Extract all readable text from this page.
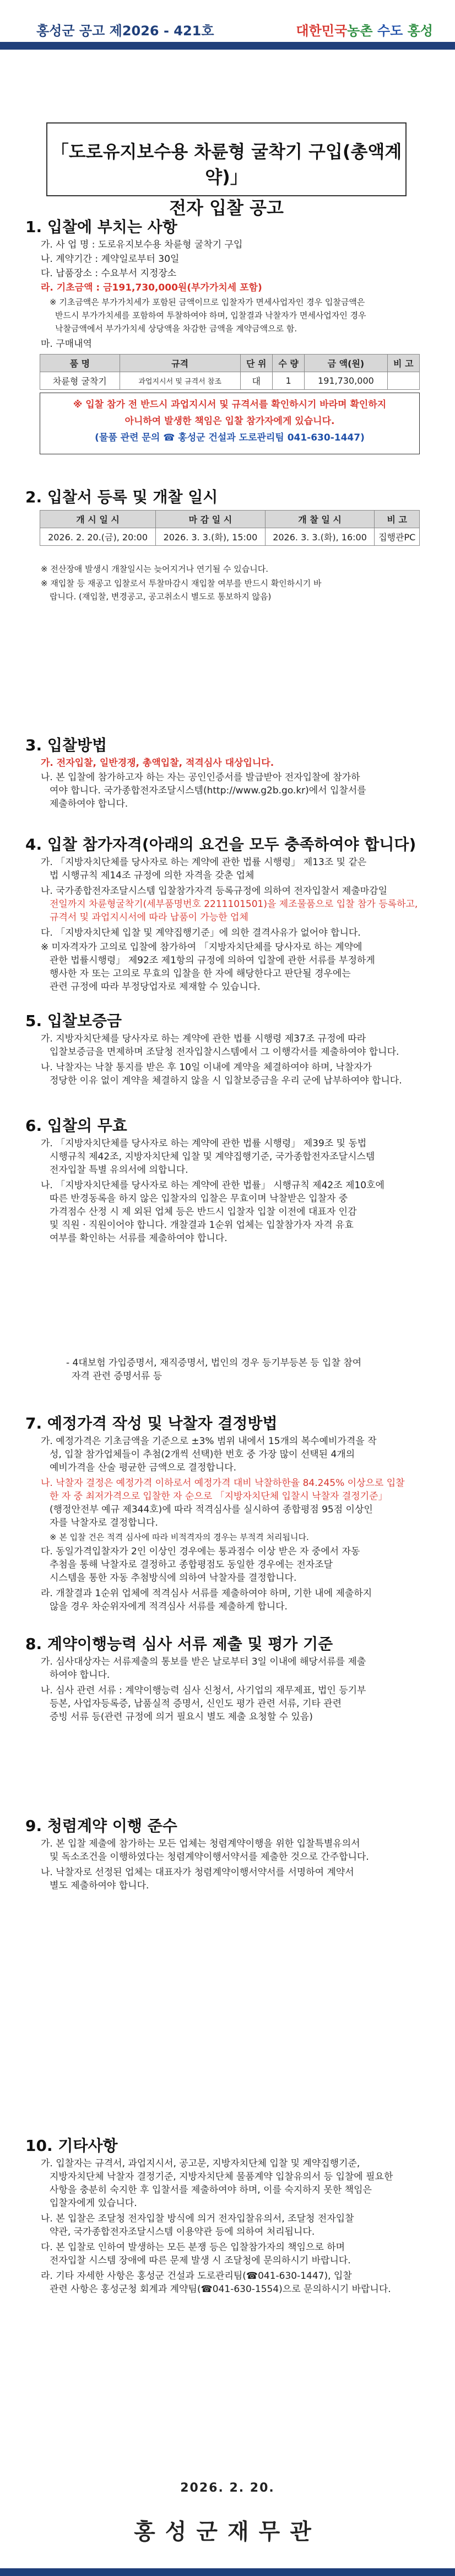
홍성군 공고 제2026 - 421호	대한민국농촌 수도 홍성
「도로유지보수용 차륜형 굴착기 구입(총액계약)」
전자 입찰 공고
1. 입찰에 부치는 사항
가. 사 업 명 : 도로유지보수용 차륜형 굴착기 구입
나. 계약기간 : 계약일로부터 30일
다. 납품장소 : 수요부서 지정장소
라. 기초금액 : 금191,730,000원(부가가치세 포함)
※ 기초금액은 부가가치세가 포함된 금액이므로 입찰자가 면세사업자인 경우 입찰금액은
반드시 부가가치세를 포함하여 투찰하여야 하며, 입찰결과 낙찰자가 면세사업자인 경우
낙찰금액에서 부가가치세 상당액을 차감한 금액을 계약금액으로 함.
마. 구매내역
품 명	규격	단 위	수 량	금 액(원)	비 고
차륜형 굴착기	과업지시서 및 규격서 참조	대	1	191,730,000	
※ 입찰 참가 전 반드시 과업지시서 및 규격서를 확인하시기 바라며 확인하지
아니하여 발생한 책임은 입찰 참가자에게 있습니다.
(물품 관련 문의 ☎ 홍성군 건설과 도로관리팀 041-630-1447)
2. 입찰서 등록 및 개찰 일시
개 시 일 시	마 감 일 시	개 찰 일 시	비 고
2026. 2. 20.(금), 20:00	2026. 3. 3.(화), 15:00	2026. 3. 3.(화), 16:00	집행관PC
※ 전산장애 발생시 개찰일시는 늦어지거나 연기될 수 있습니다.
※ 재입찰 등 재공고 입찰로서 투찰마감시 재입찰 여부를 반드시 확인하시기 바
랍니다. (재입찰, 변경공고, 공고취소시 별도로 통보하지 않음)
3. 입찰방법
가. 전자입찰, 일반경쟁, 총액입찰, 적격심사 대상입니다.
나. 본 입찰에 참가하고자 하는 자는 공인인증서를 발급받아 전자입찰에 참가하
여야 합니다. 국가종합전자조달시스템(http://www.g2b.go.kr)에서 입찰서를
제출하여야 합니다.
4. 입찰 참가자격(아래의 요건을 모두 충족하여야 합니다)
가. 「지방자치단체를 당사자로 하는 계약에 관한 법률 시행령」 제13조 및 같은
법 시행규칙 제14조 규정에 의한 자격을 갖춘 업체
나. 국가종합전자조달시스템 입찰참가자격 등록규정에 의하여 전자입찰서 제출마감일
전일까지 차륜형굴착기(세부품명번호 2211101501)을 제조물품으로 입찰 참가 등록하고,
규격서 및 과업지시서에 따라 납품이 가능한 업체
다. 「지방자치단체 입찰 및 계약집행기준」에 의한 결격사유가 없어야 합니다.
※ 미자격자가 고의로 입찰에 참가하여 「지방자치단체를 당사자로 하는 계약에
관한 법률시행령」 제92조 제1항의 규정에 의하여 입찰에 관한 서류를 부정하게
행사한 자 또는 고의로 무효의 입찰을 한 자에 해당한다고 판단될 경우에는
관련 규정에 따라 부정당업자로 제재할 수 있습니다.
5. 입찰보증금
가. 지방자치단체를 당사자로 하는 계약에 관한 법률 시행령 제37조 규정에 따라
입찰보증금을 면제하며 조달청 전자입찰시스템에서 그 이행각서를 제출하여야 합니다.
나. 낙찰자는 낙찰 통지를 받은 후 10일 이내에 계약을 체결하여야 하며, 낙찰자가
정당한 이유 없이 계약을 체결하지 않을 시 입찰보증금을 우리 군에 납부하여야 합니다.
6. 입찰의 무효
가. 「지방자치단체를 당사자로 하는 계약에 관한 법률 시행령」 제39조 및 동법
시행규칙 제42조, 지방자치단체 입찰 및 계약집행기준, 국가종합전자조달시스템
전자입찰 특별 유의서에 의합니다.
나. 「지방자치단체를 당사자로 하는 계약에 관한 법률」 시행규칙 제42조 제10호에
따른 반경동록을 하지 않은 입찰자의 입찰은 무효이며 낙찰받은 입찰자 중
가격점수 산정 시 제 외된 업체 등은 반드시 입찰자 입찰 이전에 대표자 인감
및 직원 · 직원이어야 합니다. 개찰결과 1순위 업체는 입찰참가자 자격 유효
여부를 확인하는 서류를 제출하여야 합니다.
- 4대보험 가입증명서, 재직증명서, 법인의 경우 등기부등본 등 입찰 참여
자격 관련 증명서류 등
7. 예정가격 작성 및 낙찰자 결정방법
가. 예정가격은 기초금액을 기준으로 ±3% 범위 내에서 15개의 복수예비가격을 작
성, 입찰 참가업체들이 추첨(2개씩 선택)한 번호 중 가장 많이 선택된 4개의
예비가격을 산술 평균한 금액으로 결정합니다.
나. 낙찰자 결정은 예정가격 이하로서 예정가격 대비 낙찰하한율 84.245% 이상으로 입찰
한 자 중 최저가격으로 입찰한 자 순으로 「지방자치단체 입찰시 낙찰자 결정기준」
(행정안전부 예규 제344호)에 따라 적격심사를 실시하여 종합평점 95점 이상인
자를 낙찰자로 결정합니다.
※ 본 입찰 건은 적격 심사에 따라 비적격자의 경우는 부적격 처리됩니다.
다. 동일가격입찰자가 2인 이상인 경우에는 통과점수 이상 받은 자 중에서 자동
추첨을 통해 낙찰자로 결정하고 종합평점도 동일한 경우에는 전자조달
시스템을 통한 자동 추첨방식에 의하여 낙찰자를 결정합니다.
라. 개찰결과 1순위 업체에 적격심사 서류를 제출하여야 하며, 기한 내에 제출하지
않을 경우 차순위자에게 적격심사 서류를 제출하게 합니다.
8. 계약이행능력 심사 서류 제출 및 평가 기준
가. 심사대상자는 서류제출의 통보를 받은 날로부터 3일 이내에 해당서류를 제출
하여야 합니다.
나. 심사 관련 서류 : 계약이행능력 심사 신청서, 사기업의 재무제표, 법인 등기부
등본, 사업자등록증, 납품실적 증명서, 신인도 평가 관련 서류, 기타 관련
증빙 서류 등(관련 규정에 의거 필요시 별도 제출 요청할 수 있음)
9. 청렴계약 이행 준수
가. 본 입찰 제출에 참가하는 모든 업체는 청렴계약이행을 위한 입찰특별유의서
및 독소조건을 이행하였다는 청렴계약이행서약서를 제출한 것으로 간주합니다.
나. 낙찰자로 선정된 업체는 대표자가 청렴계약이행서약서를 서명하여 계약서
별도 제출하여야 합니다.
10. 기타사항
가. 입찰자는 규격서, 과업지시서, 공고문, 지방자치단체 입찰 및 계약집행기준,
지방자치단체 낙찰자 결정기준, 지방자치단체 물품계약 입찰유의서 등 입찰에 필요한
사항을 충분히 숙지한 후 입찰서를 제출하여야 하며, 이를 숙지하지 못한 책임은
입찰자에게 있습니다.
나. 본 입찰은 조달청 전자입찰 방식에 의거 전자입찰유의서, 조달청 전자입찰
약관, 국가종합전자조달시스템 이용약관 등에 의하여 처리됩니다.
다. 본 입찰로 인하여 발생하는 모든 분쟁 등은 입찰참가자의 책임으로 하며
전자입찰 시스템 장애에 따른 문제 발생 시 조달청에 문의하시기 바랍니다.
라. 기타 자세한 사항은 홍성군 건설과 도로관리팀(☎041-630-1447), 입찰
관련 사항은 홍성군청 회계과 계약팀(☎041-630-1554)으로 문의하시기 바랍니다.
2026. 2. 20.
홍성군재무관
